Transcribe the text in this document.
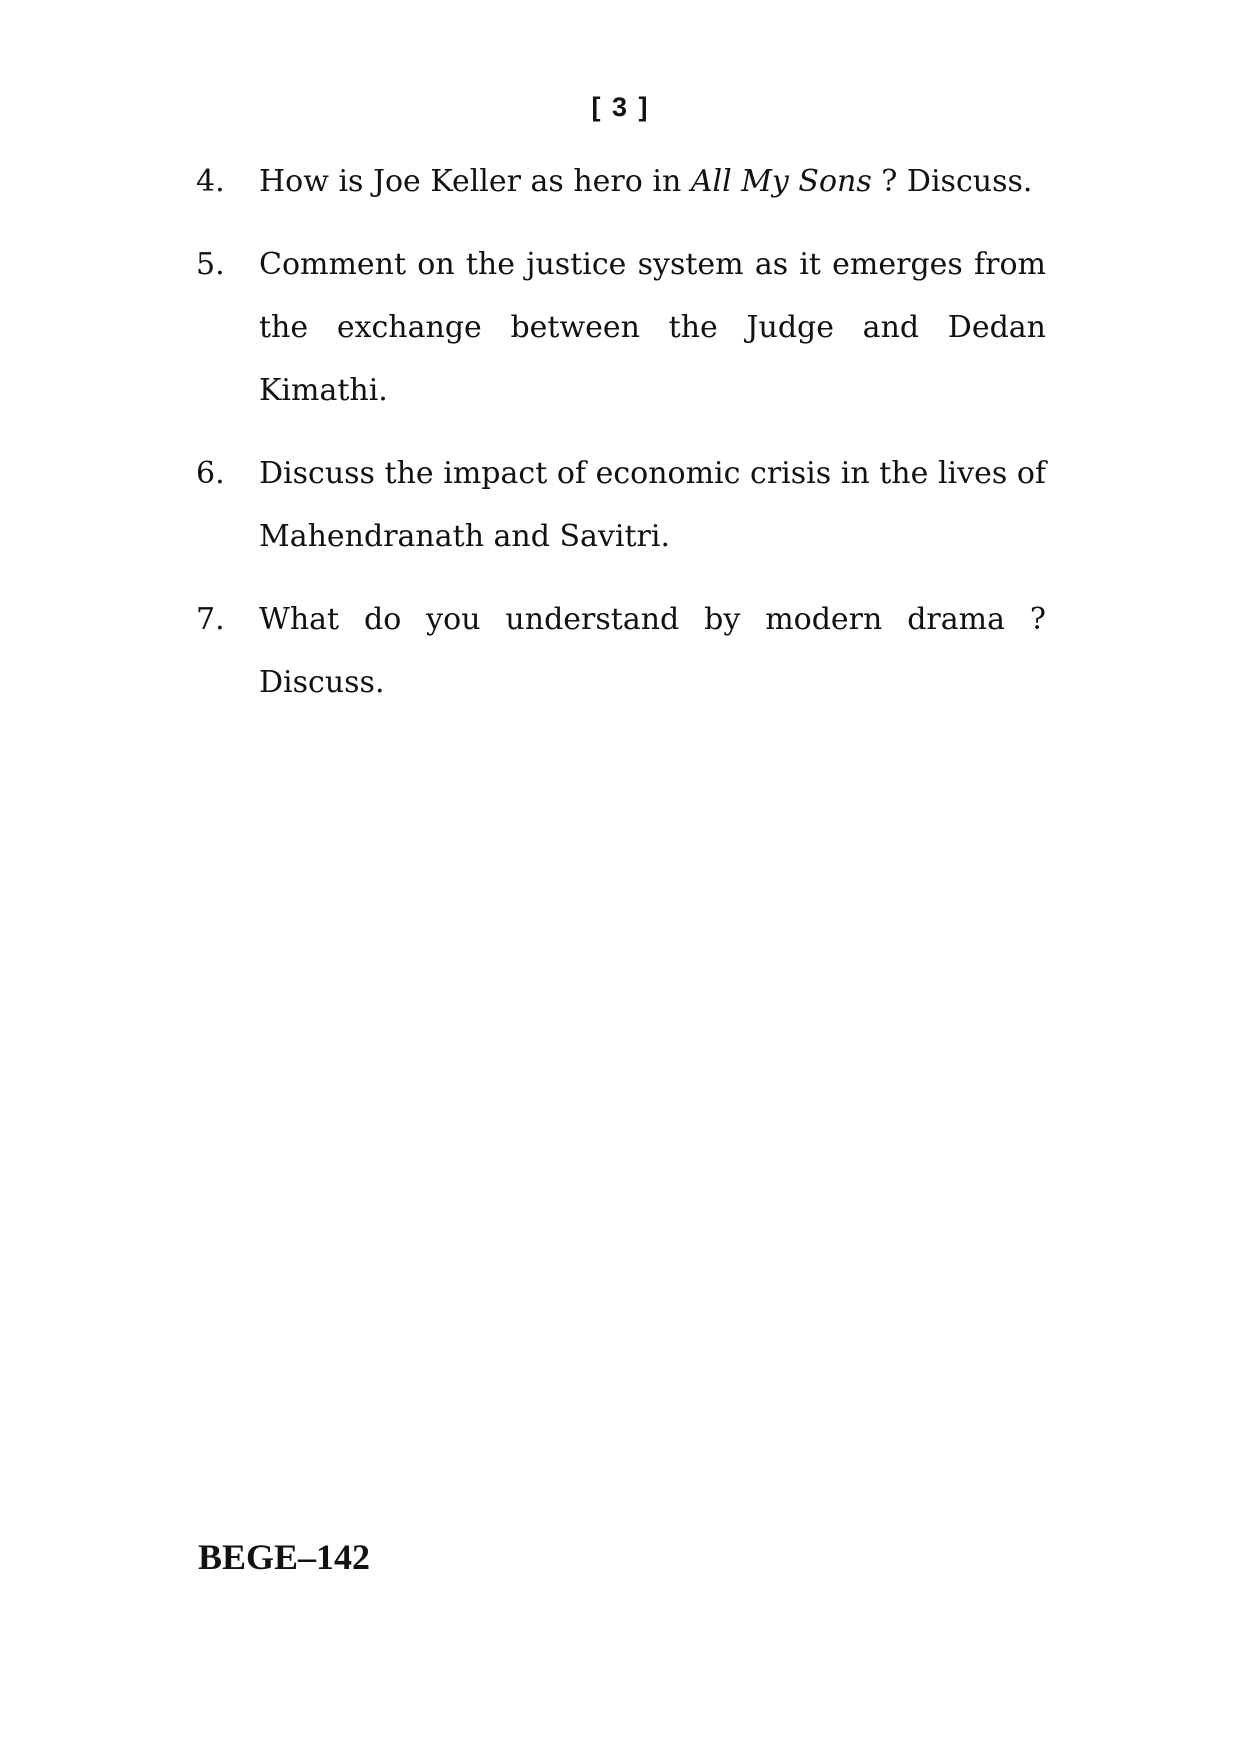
[ 3 ]
4.	How is Joe Keller as hero in All My Sons ? Discuss.
5.	Comment on the justice system as it emerges from the exchange between the Judge and Dedan Kimathi.
6.	Discuss the impact of economic crisis in the lives of Mahendranath and Savitri.
7.	What do you understand by modern drama ? Discuss.
BEGE–142
